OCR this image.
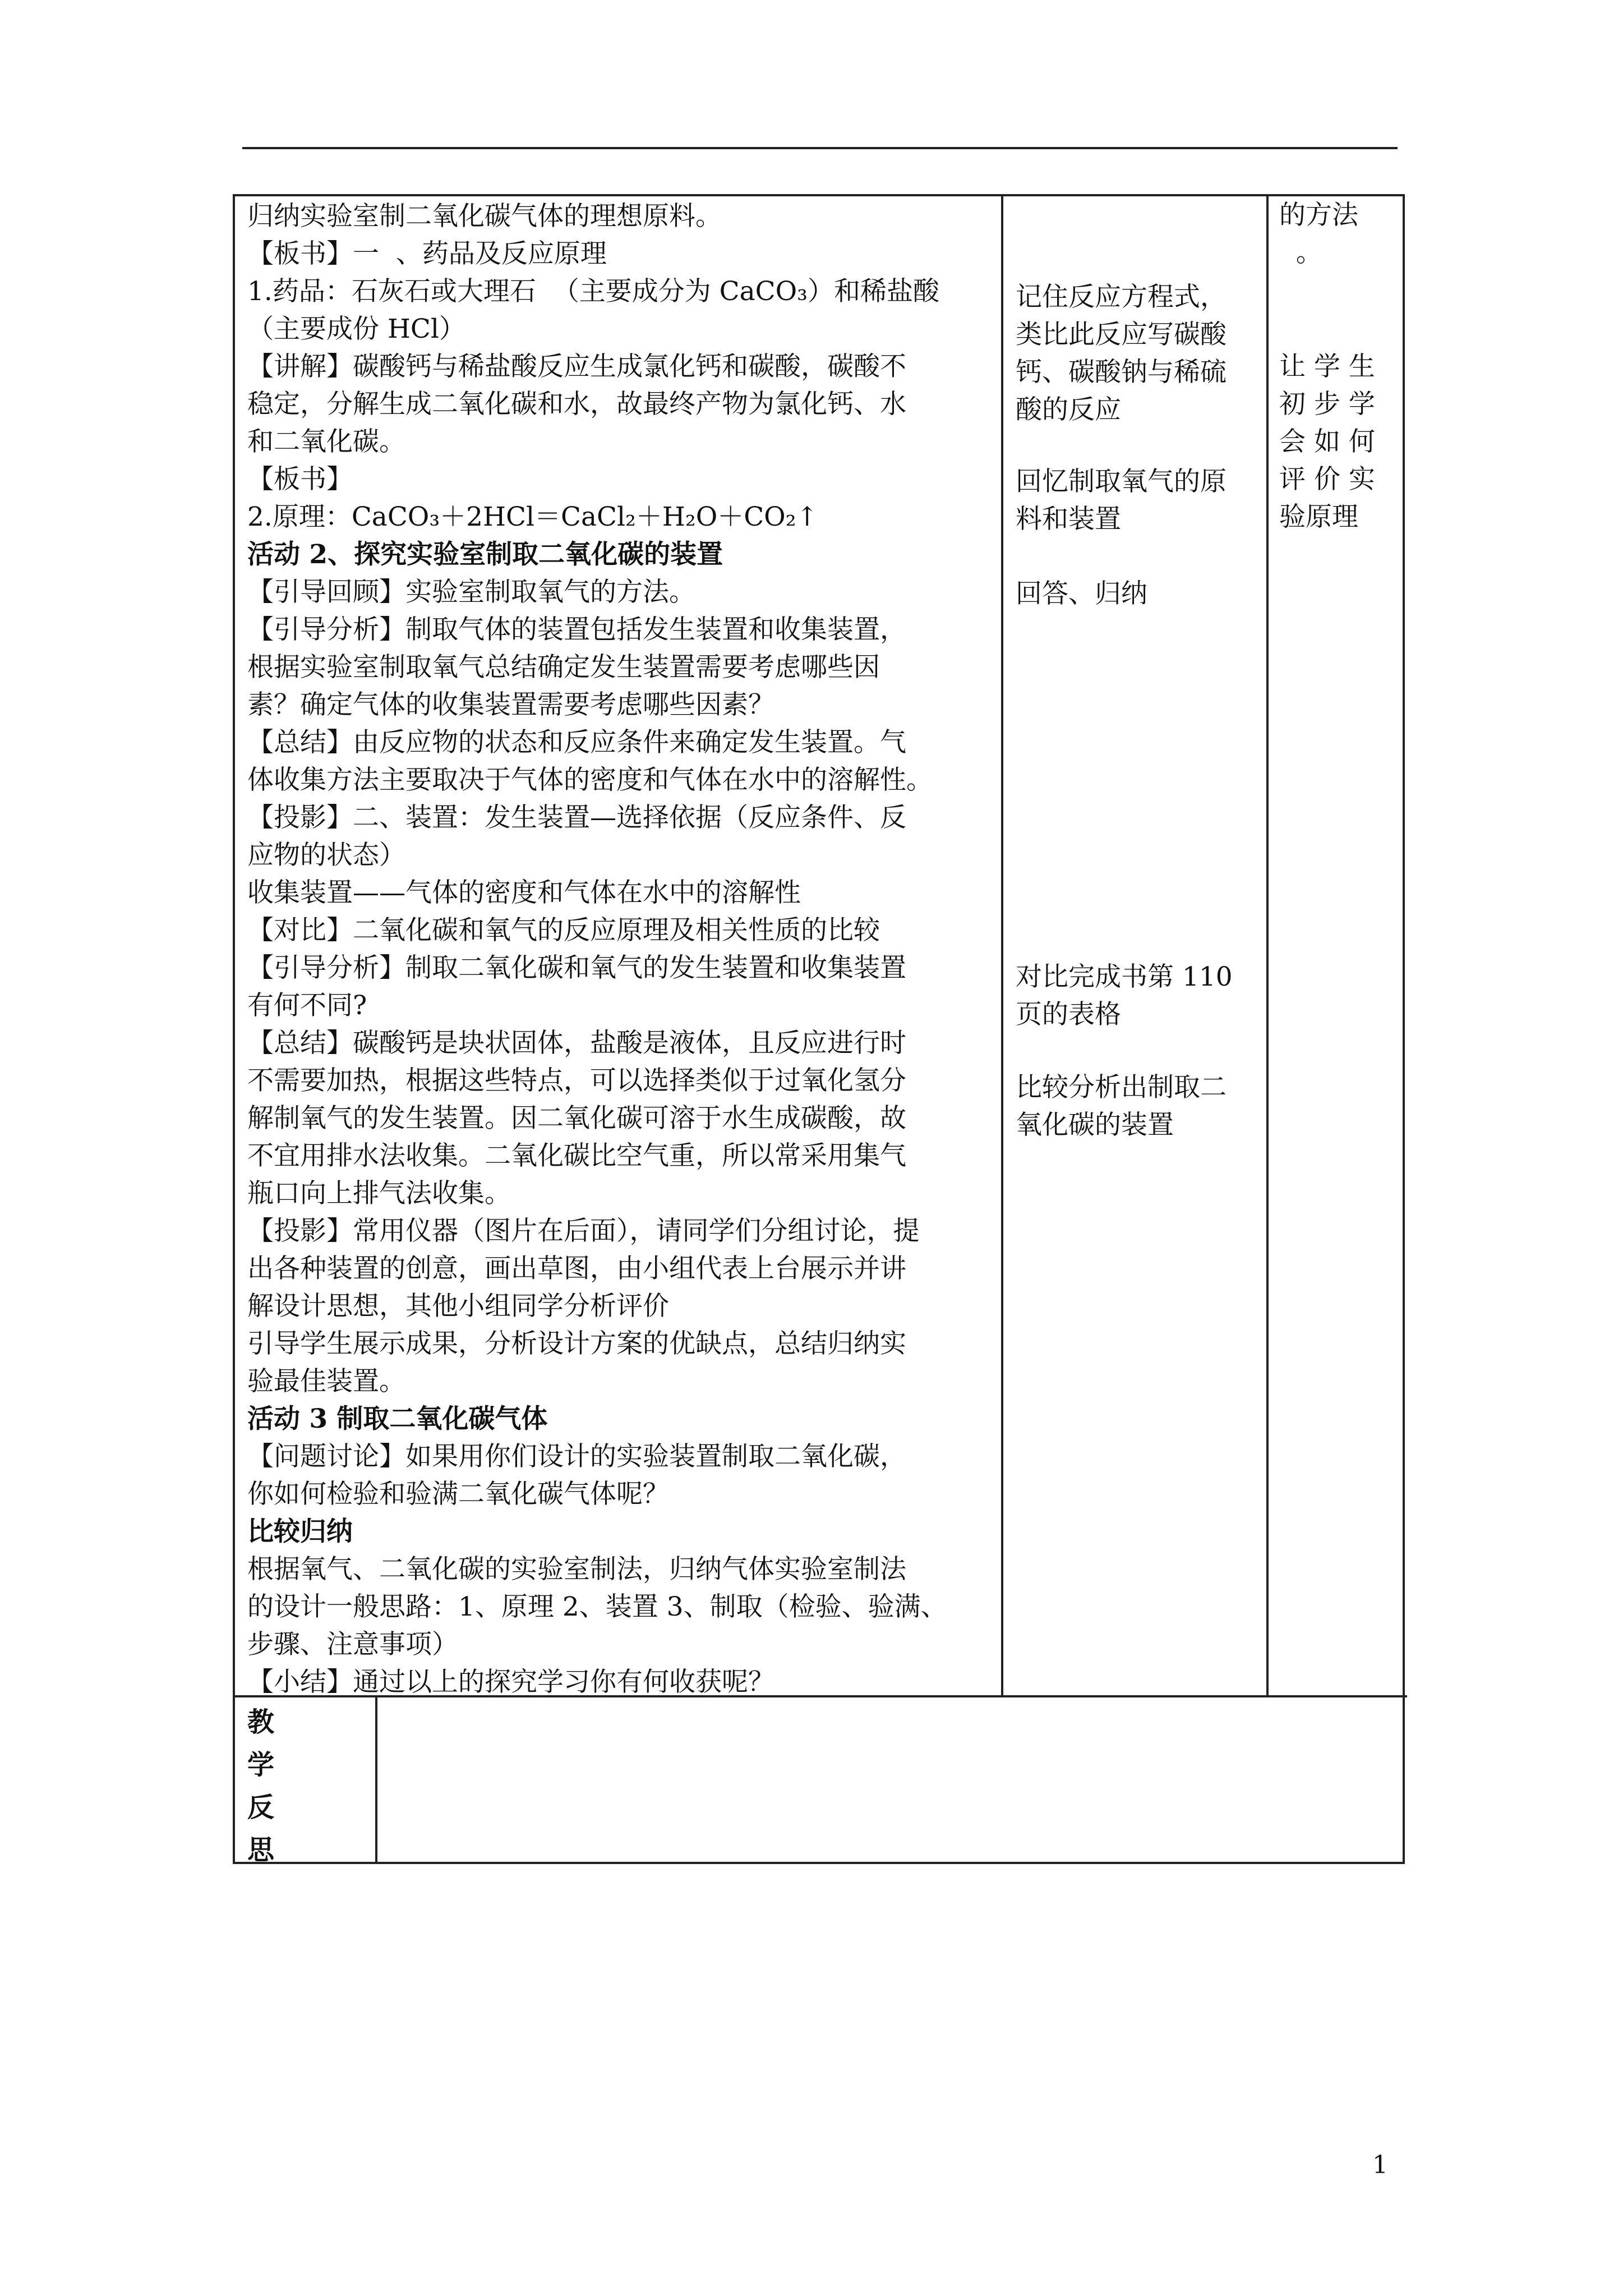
归纳实验室制二氧化碳气体的理想原料。
【板书】一  、药品及反应原理
1.药品：石灰石或大理石  （主要成分为 CaCO₃）和稀盐酸
（主要成份 HCl）
【讲解】碳酸钙与稀盐酸反应生成氯化钙和碳酸，碳酸不
稳定，分解生成二氧化碳和水，故最终产物为氯化钙、水
和二氧化碳。
【板书】
2.原理：CaCO₃＋2HCl＝CaCl₂＋H₂O＋CO₂↑
活动 2、探究实验室制取二氧化碳的装置
【引导回顾】实验室制取氧气的方法。
【引导分析】制取气体的装置包括发生装置和收集装置，
根据实验室制取氧气总结确定发生装置需要考虑哪些因
素？确定气体的收集装置需要考虑哪些因素？
【总结】由反应物的状态和反应条件来确定发生装置。气
体收集方法主要取决于气体的密度和气体在水中的溶解性。
【投影】二、装置：发生装置—选择依据（反应条件、反
应物的状态）
收集装置——气体的密度和气体在水中的溶解性
【对比】二氧化碳和氧气的反应原理及相关性质的比较
【引导分析】制取二氧化碳和氧气的发生装置和收集装置
有何不同?
【总结】碳酸钙是块状固体，盐酸是液体，且反应进行时
不需要加热，根据这些特点，可以选择类似于过氧化氢分
解制氧气的发生装置。因二氧化碳可溶于水生成碳酸，故
不宜用排水法收集。二氧化碳比空气重，所以常采用集气
瓶口向上排气法收集。
【投影】常用仪器（图片在后面），请同学们分组讨论，提
出各种装置的创意，画出草图，由小组代表上台展示并讲
解设计思想，其他小组同学分析评价
引导学生展示成果，分析设计方案的优缺点，总结归纳实
验最佳装置。
活动 3 制取二氧化碳气体
【问题讨论】如果用你们设计的实验装置制取二氧化碳，
你如何检验和验满二氧化碳气体呢？
比较归纳
根据氧气、二氧化碳的实验室制法，归纳气体实验室制法
的设计一般思路：1、原理 2、装置 3、制取（检验、验满、
步骤、注意事项）
【小结】通过以上的探究学习你有何收获呢？
记住反应方程式，
类比此反应写碳酸
钙、碳酸钠与稀硫
酸的反应
回忆制取氧气的原
料和装置
回答、归纳
对比完成书第 110
页的表格
比较分析出制取二
氧化碳的装置
的方法
。
让 学 生
初 步 学
会 如 何
评 价 实
验原理
教
学
反
思
1
